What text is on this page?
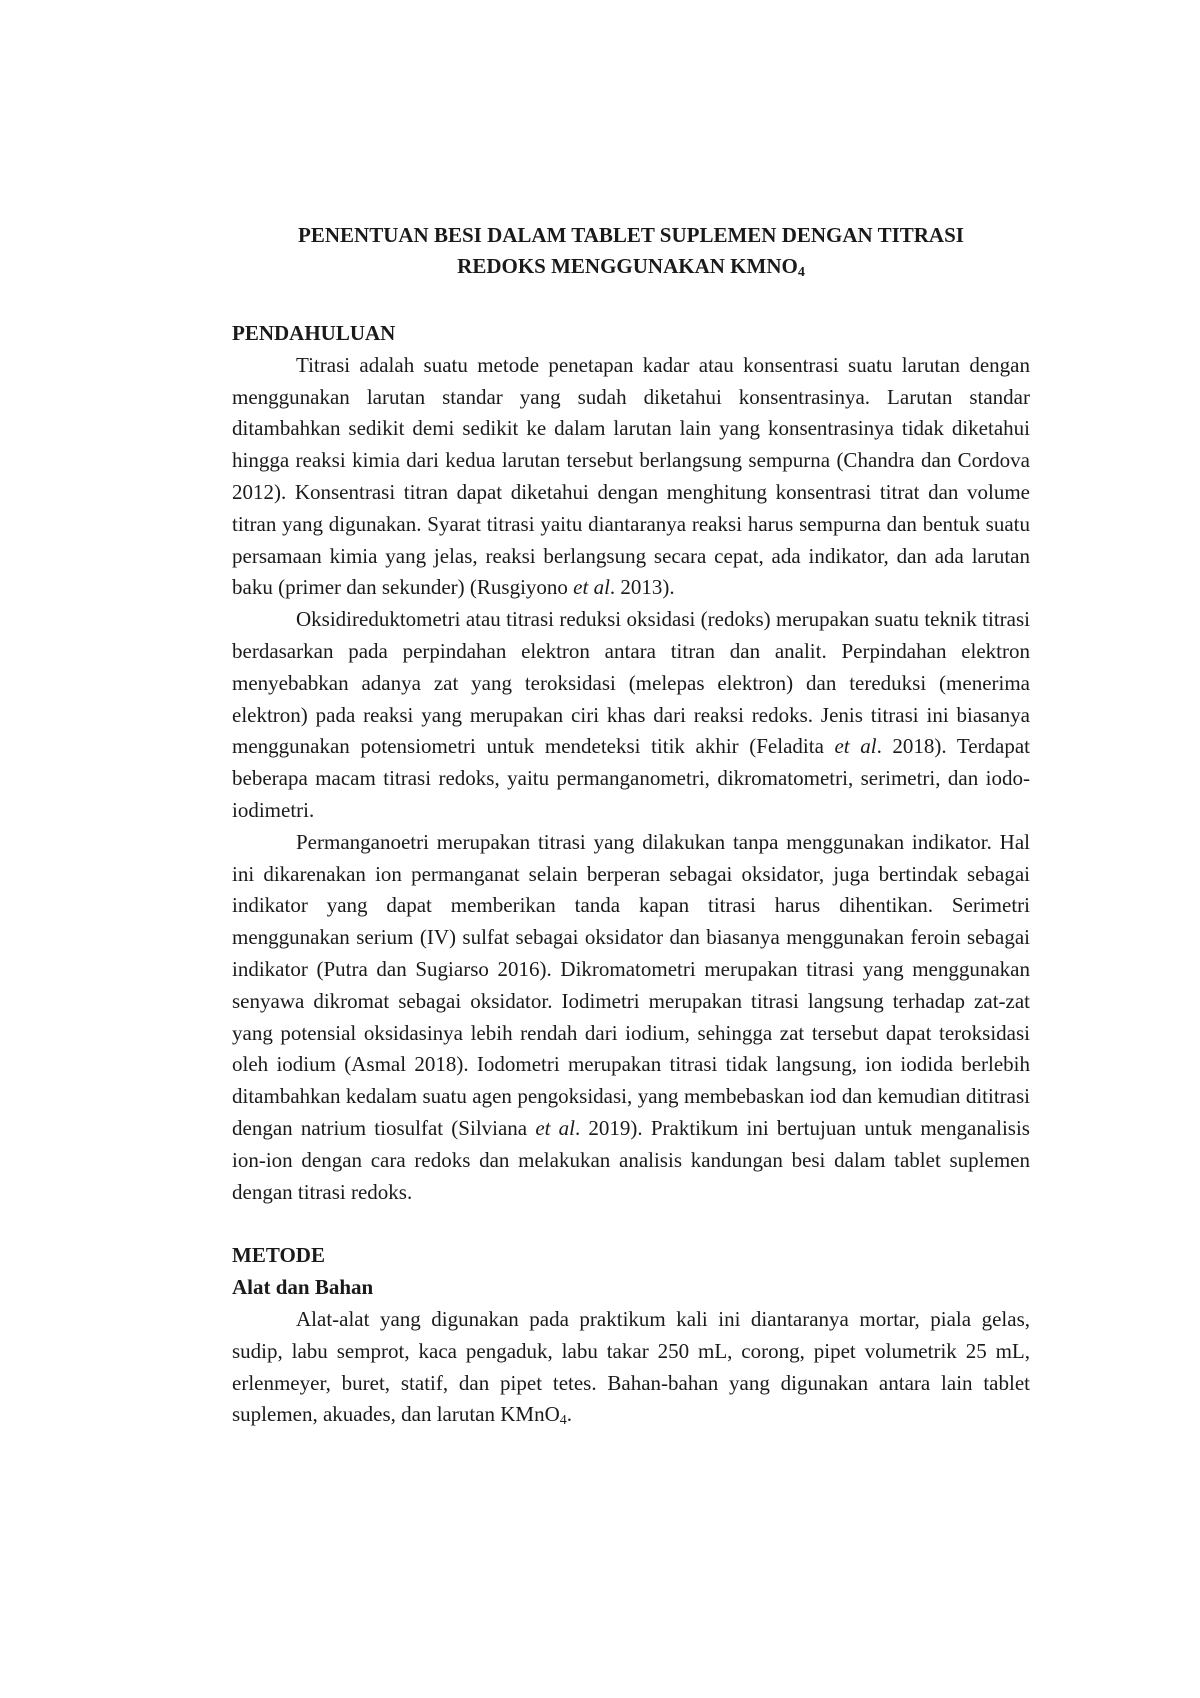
PENENTUAN BESI DALAM TABLET SUPLEMEN DENGAN TITRASI
REDOKS MENGGUNAKAN $KMNO_4$
PENDAHULUAN

Titrasi adalah suatu metode penetapan kadar atau konsentrasi suatu larutan dengan menggunakan larutan standar yang sudah diketahui konsentrasinya. Larutan standar ditambahkan sedikit demi sedikit ke dalam larutan lain yang konsentrasinya tidak diketahui hingga reaksi kimia dari kedua larutan tersebut berlangsung sempurna (Chandra dan Cordova 2012). Konsentrasi titran dapat diketahui dengan menghitung konsentrasi titrat dan volume titran yang digunakan. Syarat titrasi yaitu diantaranya reaksi harus sempurna dan bentuk suatu persamaan kimia yang jelas, reaksi berlangsung secara cepat, ada indikator, dan ada larutan baku (primer dan sekunder) (Rusgiyono et al. 2013).

Oksidireduktometri atau titrasi reduksi oksidasi (redoks) merupakan suatu teknik titrasi berdasarkan pada perpindahan elektron antara titran dan analit. Perpindahan elektron menyebabkan adanya zat yang teroksidasi (melepas elektron) dan tereduksi (menerima elektron) pada reaksi yang merupakan ciri khas dari reaksi redoks. Jenis titrasi ini biasanya menggunakan potensiometri untuk mendeteksi titik akhir (Feladita et al. 2018). Terdapat beberapa macam titrasi redoks, yaitu permanganometri, dikromatometri, serimetri, dan iodo-iodimetri.

Permanganoetri merupakan titrasi yang dilakukan tanpa menggunakan indikator. Hal ini dikarenakan ion permanganat selain berperan sebagai oksidator, juga bertindak sebagai indikator yang dapat memberikan tanda kapan titrasi harus dihentikan. Serimetri menggunakan serium (IV) sulfat sebagai oksidator dan biasanya menggunakan feroin sebagai indikator (Putra dan Sugiarso 2016). Dikromatometri merupakan titrasi yang menggunakan senyawa dikromat sebagai oksidator. Iodimetri merupakan titrasi langsung terhadap zat-zat yang potensial oksidasinya lebih rendah dari iodium, sehingga zat tersebut dapat teroksidasi oleh iodium (Asmal 2018). Iodometri merupakan titrasi tidak langsung, ion iodida berlebih ditambahkan kedalam suatu agen pengoksidasi, yang membebaskan iod dan kemudian dititrasi dengan natrium tiosulfat (Silviana et al. 2019). Praktikum ini bertujuan untuk menganalisis ion-ion dengan cara redoks dan melakukan analisis kandungan besi dalam tablet suplemen dengan titrasi redoks.

METODE
Alat dan Bahan

Alat-alat yang digunakan pada praktikum kali ini diantaranya mortar, piala gelas, sudip, labu semprot, kaca pengaduk, labu takar 250 mL, corong, pipet volumetrik 25 mL, erlenmeyer, buret, statif, dan pipet tetes. Bahan-bahan yang digunakan antara lain tablet suplemen, akuades, dan larutan KMnO$_4$.
